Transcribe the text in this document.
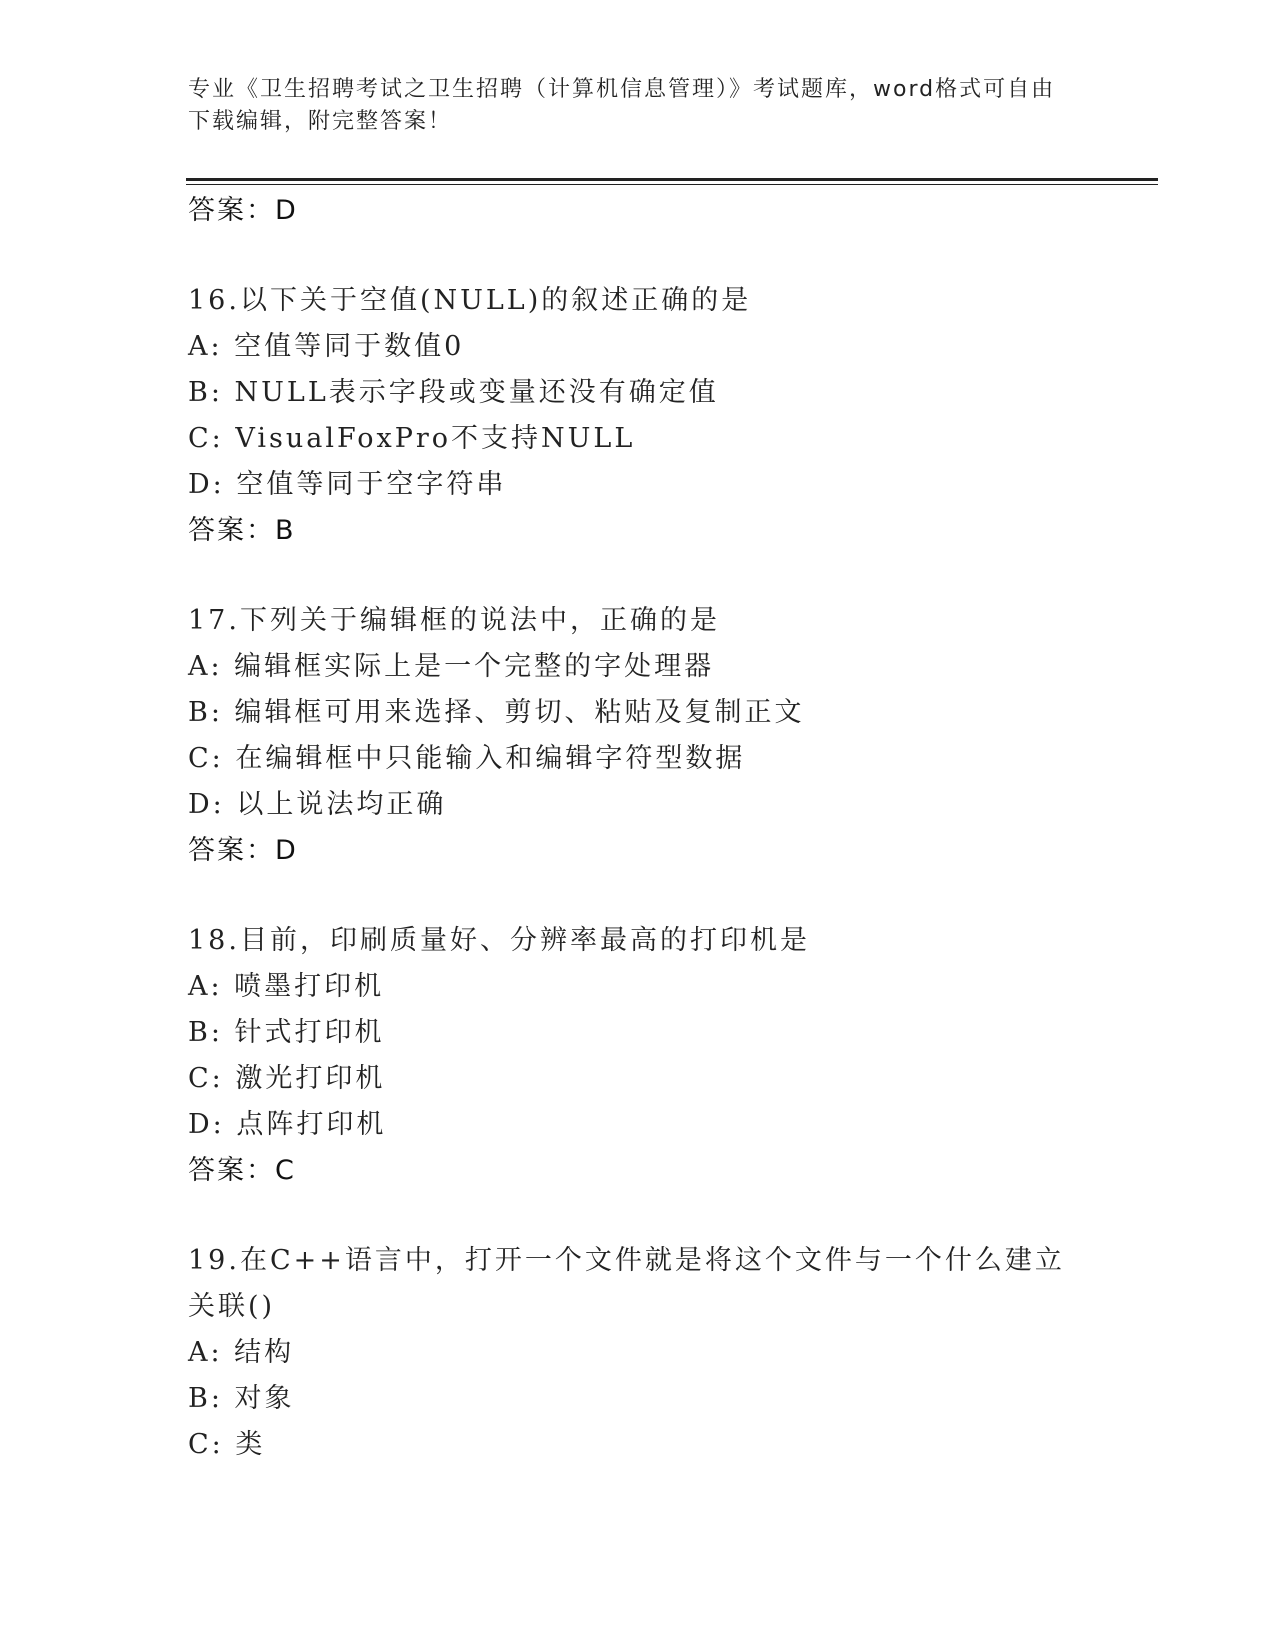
专业《卫生招聘考试之卫生招聘（计算机信息管理）》考试题库，word格式可自由下载编辑，附完整答案！
答案：D
16.以下关于空值(NULL)的叙述正确的是
A: 空值等同于数值0
B: NULL表示字段或变量还没有确定值
C: VisualFoxPro不支持NULL
D: 空值等同于空字符串
答案：B
17.下列关于编辑框的说法中，正确的是
A: 编辑框实际上是一个完整的字处理器
B: 编辑框可用来选择、剪切、粘贴及复制正文
C: 在编辑框中只能输入和编辑字符型数据
D: 以上说法均正确
答案：D
18.目前，印刷质量好、分辨率最高的打印机是
A: 喷墨打印机
B: 针式打印机
C: 激光打印机
D: 点阵打印机
答案：C
19.在C++语言中，打开一个文件就是将这个文件与一个什么建立关联()
A: 结构
B: 对象
C: 类
